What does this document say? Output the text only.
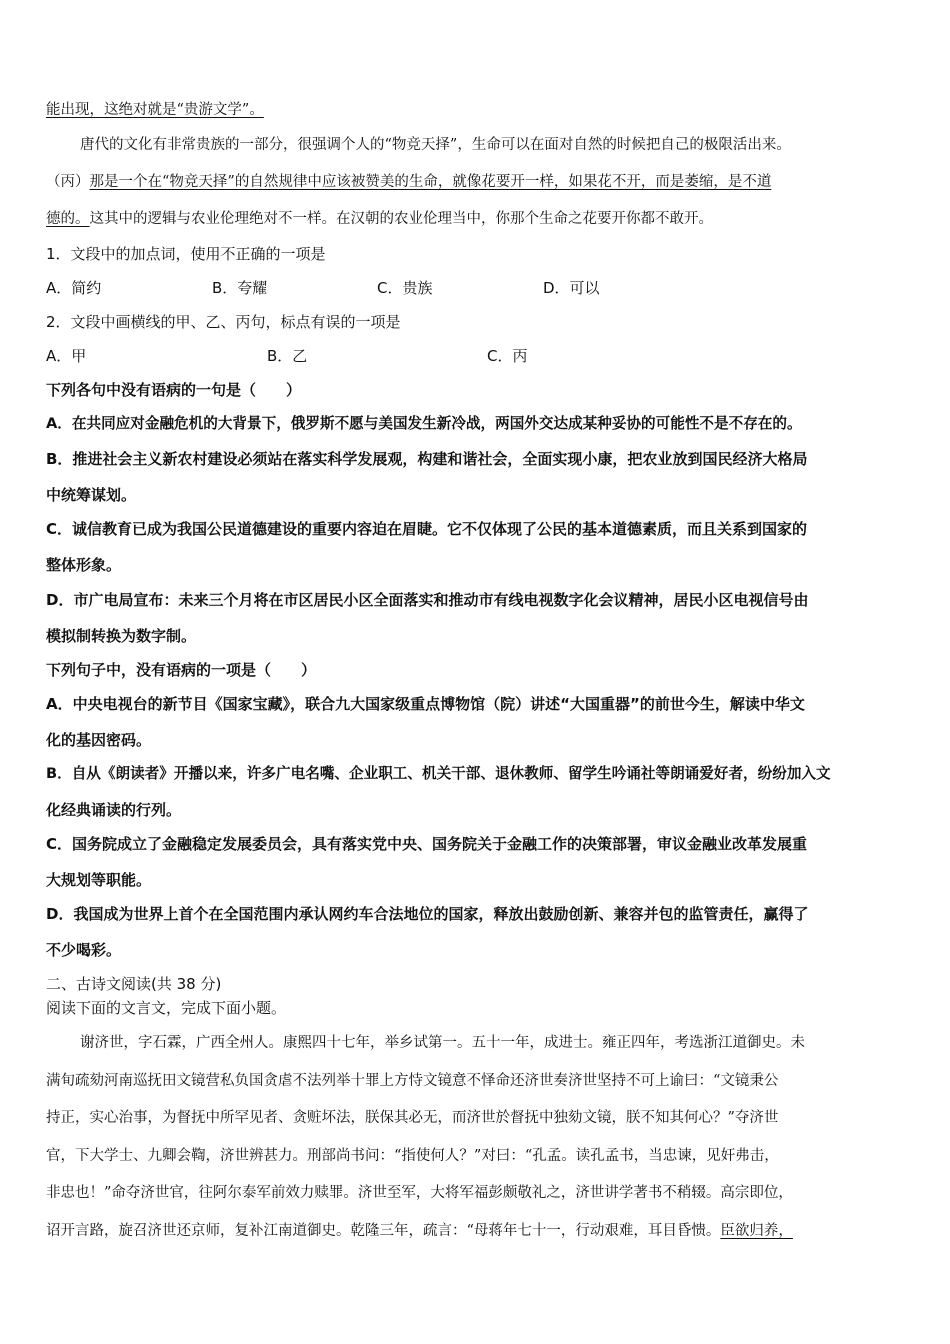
能出现，这绝对就是“贵游文学”。
唐代的文化有非常贵族的一部分，很强调个人的“物竞天择”，生命可以在面对自然的时候把自己的极限活出来。
（丙）那是一个在“物竞天择”的自然规律中应该被赞美的生命，就像花要开一样，如果花不开，而是萎缩，是不道
德的。这其中的逻辑与农业伦理绝对不一样。在汉朝的农业伦理当中，你那个生命之花要开你都不敢开。
1．文段中的加点词，使用不正确的一项是
A．简约	B．夸耀	C．贵族	D．可以
2．文段中画横线的甲、乙、丙句，标点有误的一项是
A．甲	B．乙	C．丙
下列各句中没有语病的一句是（　　）
A．在共同应对金融危机的大背景下，俄罗斯不愿与美国发生新冷战，两国外交达成某种妥协的可能性不是不存在的。
B．推进社会主义新农村建设必须站在落实科学发展观，构建和谐社会，全面实现小康，把农业放到国民经济大格局
中统筹谋划。
C．诚信教育已成为我国公民道德建设的重要内容迫在眉睫。它不仅体现了公民的基本道德素质，而且关系到国家的
整体形象。
D．市广电局宣布：未来三个月将在市区居民小区全面落实和推动市有线电视数字化会议精神，居民小区电视信号由
模拟制转换为数字制。
下列句子中，没有语病的一项是（　　）
A．中央电视台的新节目《国家宝藏》，联合九大国家级重点博物馆（院）讲述“大国重器”的前世今生，解读中华文
化的基因密码。
B．自从《朗读者》开播以来，许多广电名嘴、企业职工、机关干部、退休教师、留学生吟诵社等朗诵爱好者，纷纷加入文
化经典诵读的行列。
C．国务院成立了金融稳定发展委员会，具有落实党中央、国务院关于金融工作的决策部署，审议金融业改革发展重
大规划等职能。
D．我国成为世界上首个在全国范围内承认网约车合法地位的国家，释放出鼓励创新、兼容并包的监管责任，赢得了
不少喝彩。
二、古诗文阅读(共 38 分)
阅读下面的文言文，完成下面小题。
谢济世，字石霖，广西全州人。康熙四十七年，举乡试第一。五十一年，成进士。雍正四年，考选浙江道御史。未
满旬疏劾河南巡抚田文镜营私负国贪虐不法列举十罪上方恃文镜意不怿命还济世奏济世坚持不可上谕曰：“文镜秉公
持正，实心治事，为督抚中所罕见者、贪赃坏法，朕保其必无，而济世於督抚中独劾文镜，朕不知其何心？”夺济世
官，下大学士、九卿会鞫，济世辨甚力。刑部尚书问：“指使何人？”对曰：“孔孟。读孔孟书，当忠谏，见奸弗击，
非忠也！”命夺济世官，往阿尔泰军前效力赎罪。济世至军，大将军福彭颇敬礼之，济世讲学著书不稍辍。高宗即位，
诏开言路，旋召济世还京师，复补江南道御史。乾隆三年，疏言：“母蒋年七十一，行动艰难，耳目昏愦。臣欲归养，
